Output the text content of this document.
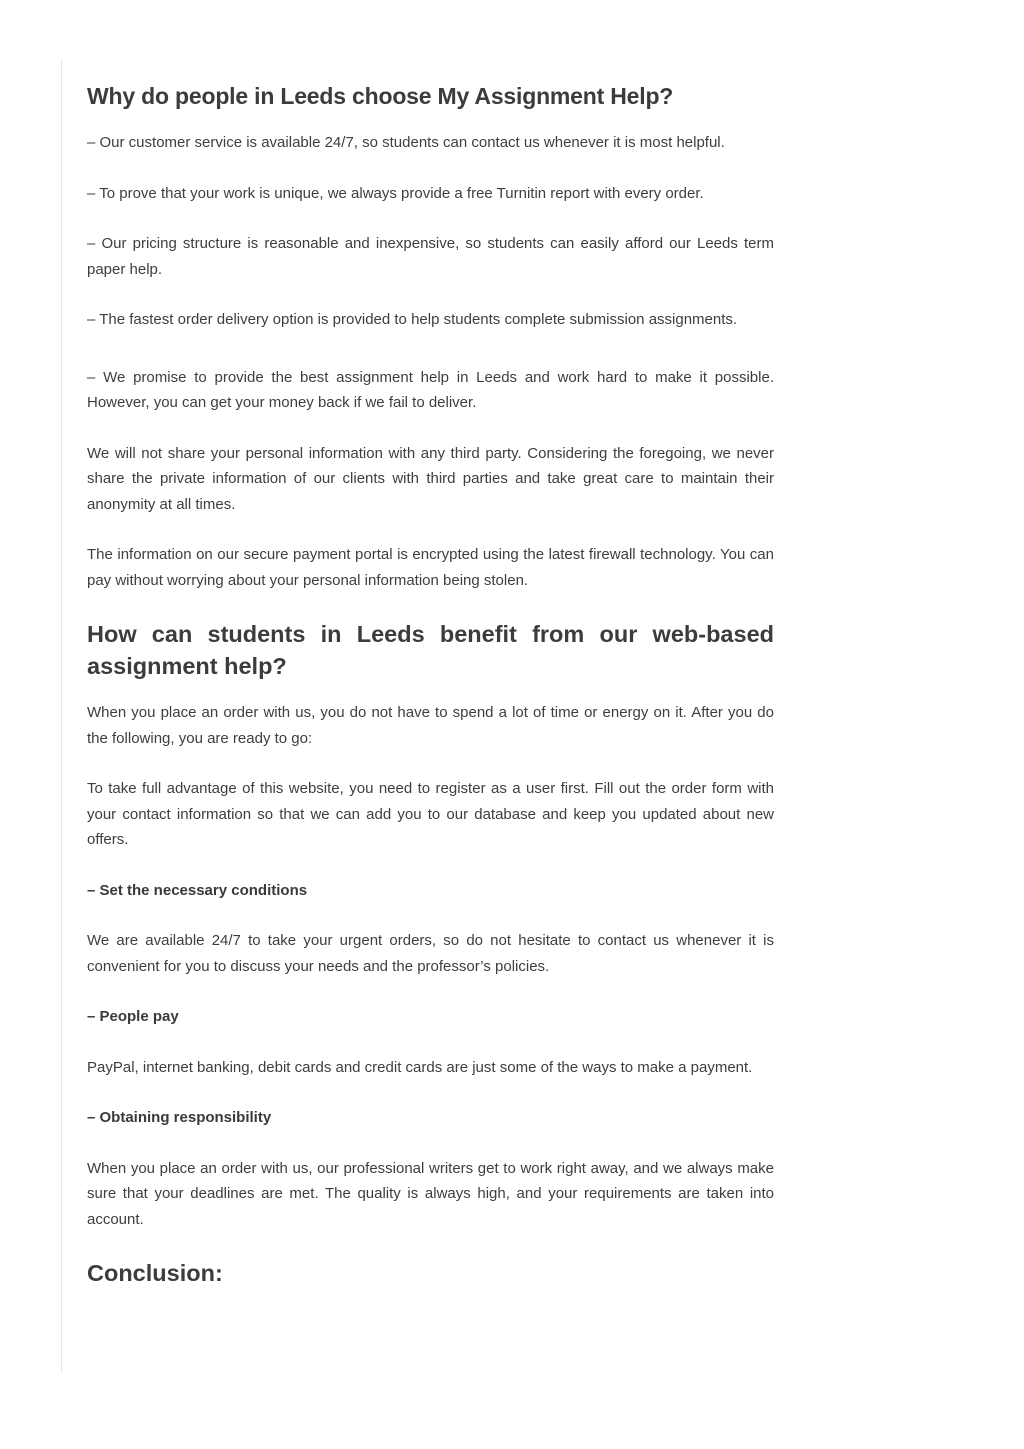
Why do people in Leeds choose My Assignment Help?

– Our customer service is available 24/7, so students can contact us whenever it is most helpful.

– To prove that your work is unique, we always provide a free Turnitin report with every order.

– Our pricing structure is reasonable and inexpensive, so students can easily afford our Leeds term paper help.

– The fastest order delivery option is provided to help students complete submission assignments.

– We promise to provide the best assignment help in Leeds and work hard to make it possible. However, you can get your money back if we fail to deliver.

We will not share your personal information with any third party. Considering the foregoing, we never share the private information of our clients with third parties and take great care to maintain their anonymity at all times.

The information on our secure payment portal is encrypted using the latest firewall technology. You can pay without worrying about your personal information being stolen.

How can students in Leeds benefit from our web-based assignment help?

When you place an order with us, you do not have to spend a lot of time or energy on it. After you do the following, you are ready to go:

To take full advantage of this website, you need to register as a user first. Fill out the order form with your contact information so that we can add you to our database and keep you updated about new offers.

– Set the necessary conditions

We are available 24/7 to take your urgent orders, so do not hesitate to contact us whenever it is convenient for you to discuss your needs and the professor’s policies.

– People pay

PayPal, internet banking, debit cards and credit cards are just some of the ways to make a payment.

– Obtaining responsibility

When you place an order with us, our professional writers get to work right away, and we always make sure that your deadlines are met. The quality is always high, and your requirements are taken into account.

Conclusion:
